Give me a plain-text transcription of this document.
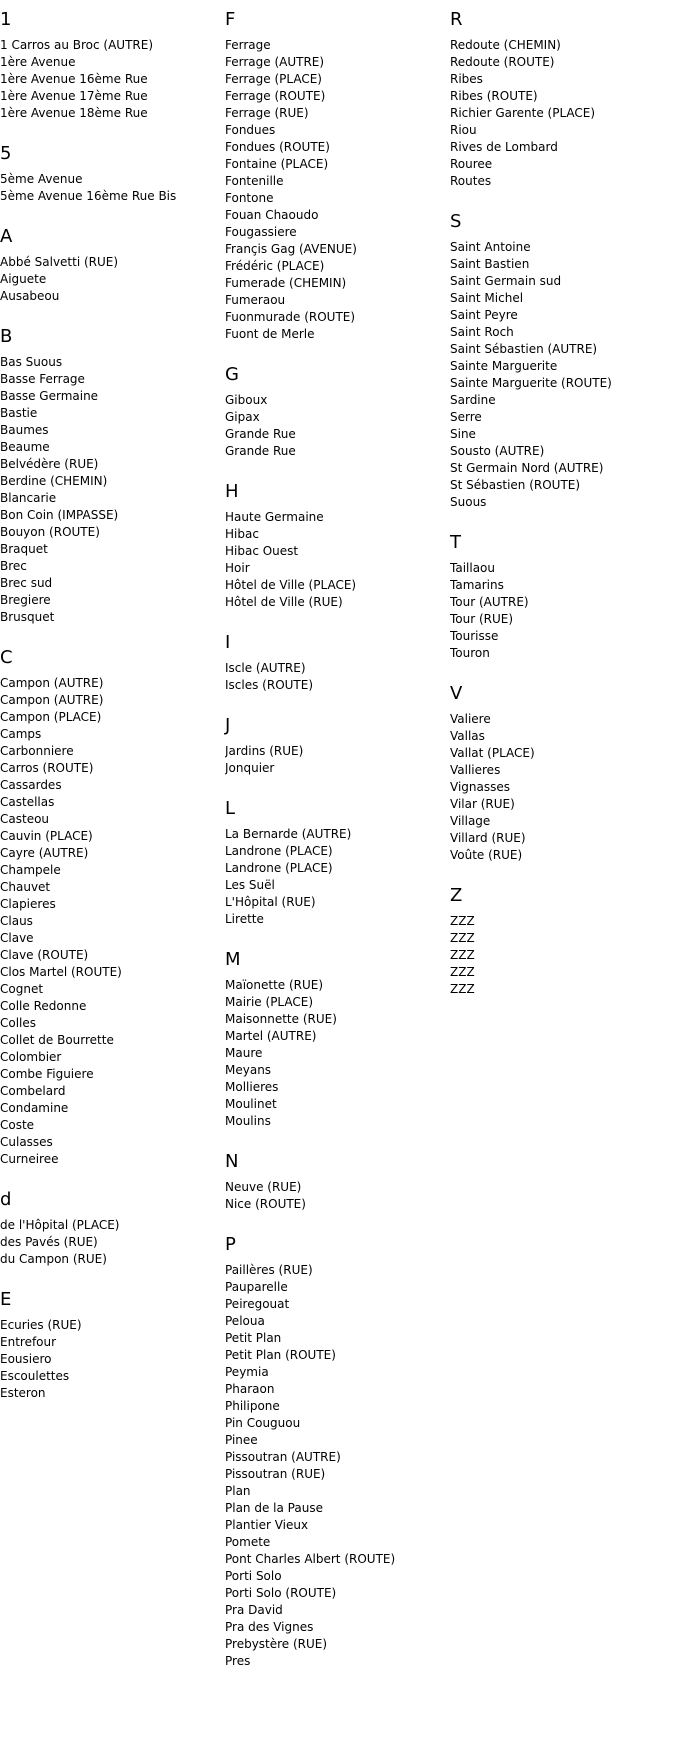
1
1 Carros au Broc (AUTRE)
1ère Avenue
1ère Avenue 16ème Rue
1ère Avenue 17ème Rue
1ère Avenue 18ème Rue
5
5ème Avenue
5ème Avenue 16ème Rue Bis
A
Abbé Salvetti (RUE)
Aiguete
Ausabeou
B
Bas Suous
Basse Ferrage
Basse Germaine
Bastie
Baumes
Beaume
Belvédère (RUE)
Berdine (CHEMIN)
Blancarie
Bon Coin (IMPASSE)
Bouyon (ROUTE)
Braquet
Brec
Brec sud
Bregiere
Brusquet
C
Campon (AUTRE)
Campon (AUTRE)
Campon (PLACE)
Camps
Carbonniere
Carros (ROUTE)
Cassardes
Castellas
Casteou
Cauvin (PLACE)
Cayre (AUTRE)
Champele
Chauvet
Clapieres
Claus
Clave
Clave (ROUTE)
Clos Martel (ROUTE)
Cognet
Colle Redonne
Colles
Collet de Bourrette
Colombier
Combe Figuiere
Combelard
Condamine
Coste
Culasses
Curneiree
d
de l'Hôpital (PLACE)
des Pavés (RUE)
du Campon (RUE)
E
Ecuries (RUE)
Entrefour
Eousiero
Escoulettes
Esteron
F
Ferrage
Ferrage (AUTRE)
Ferrage (PLACE)
Ferrage (ROUTE)
Ferrage (RUE)
Fondues
Fondues (ROUTE)
Fontaine (PLACE)
Fontenille
Fontone
Fouan Chaoudo
Fougassiere
Françis Gag (AVENUE)
Frédéric (PLACE)
Fumerade (CHEMIN)
Fumeraou
Fuonmurade (ROUTE)
Fuont de Merle
G
Giboux
Gipax
Grande Rue
Grande Rue
H
Haute Germaine
Hibac
Hibac Ouest
Hoir
Hôtel de Ville (PLACE)
Hôtel de Ville (RUE)
I
Iscle (AUTRE)
Iscles (ROUTE)
J
Jardins (RUE)
Jonquier
L
La Bernarde (AUTRE)
Landrone (PLACE)
Landrone (PLACE)
Les Suël
L'Hôpital (RUE)
Lirette
M
Maïonette (RUE)
Mairie (PLACE)
Maisonnette (RUE)
Martel (AUTRE)
Maure
Meyans
Mollieres
Moulinet
Moulins
N
Neuve (RUE)
Nice (ROUTE)
P
Paillères (RUE)
Pauparelle
Peiregouat
Peloua
Petit Plan
Petit Plan (ROUTE)
Peymia
Pharaon
Philipone
Pin Couguou
Pinee
Pissoutran (AUTRE)
Pissoutran (RUE)
Plan
Plan de la Pause
Plantier Vieux
Pomete
Pont Charles Albert (ROUTE)
Porti Solo
Porti Solo (ROUTE)
Pra David
Pra des Vignes
Prebystère (RUE)
Pres
R
Redoute (CHEMIN)
Redoute (ROUTE)
Ribes
Ribes (ROUTE)
Richier Garente (PLACE)
Riou
Rives de Lombard
Rouree
Routes
S
Saint Antoine
Saint Bastien
Saint Germain sud
Saint Michel
Saint Peyre
Saint Roch
Saint Sébastien (AUTRE)
Sainte Marguerite
Sainte Marguerite (ROUTE)
Sardine
Serre
Sine
Sousto (AUTRE)
St Germain Nord (AUTRE)
St Sébastien (ROUTE)
Suous
T
Taillaou
Tamarins
Tour (AUTRE)
Tour (RUE)
Tourisse
Touron
V
Valiere
Vallas
Vallat (PLACE)
Vallieres
Vignasses
Vilar (RUE)
Village
Villard (RUE)
Voûte (RUE)
Z
ZZZ
ZZZ
ZZZ
ZZZ
ZZZ
